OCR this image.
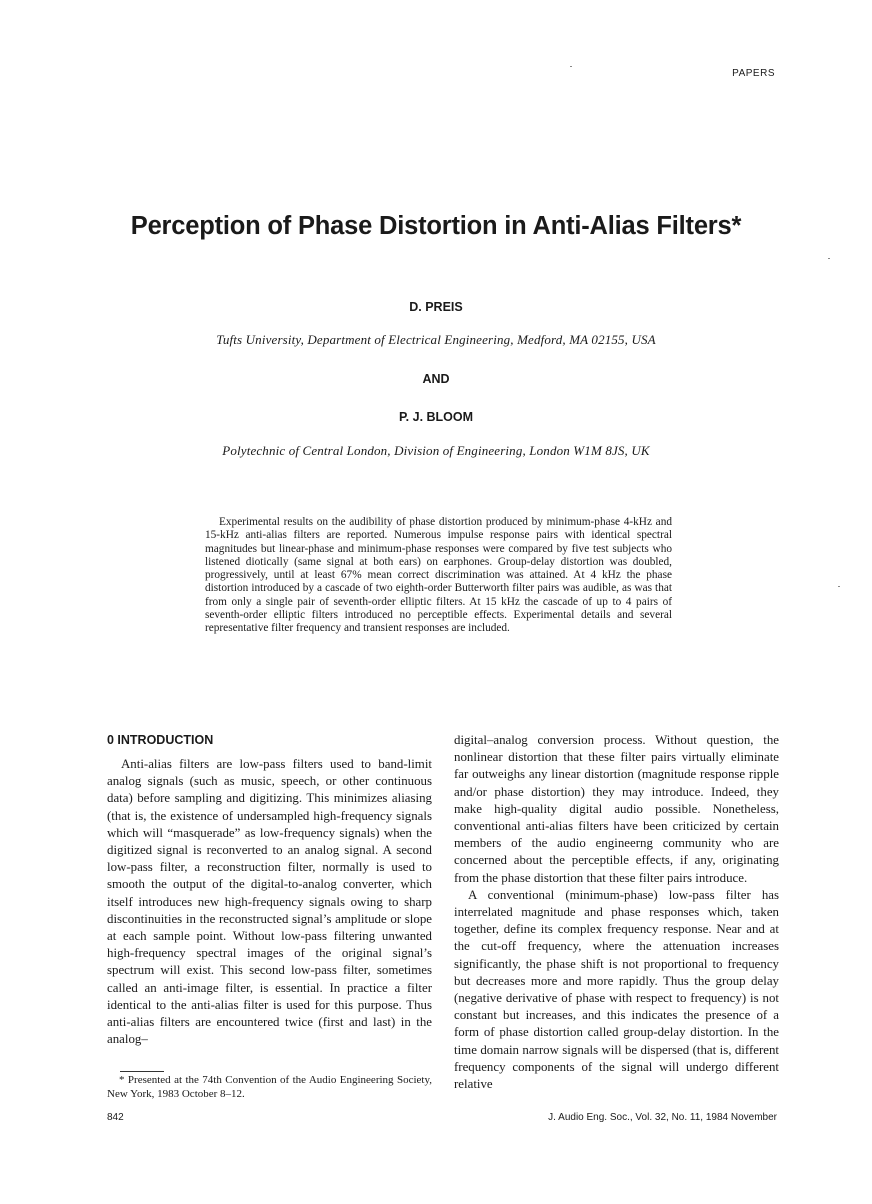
PAPERS
Perception of Phase Distortion in Anti-Alias Filters*
D. PREIS
Tufts University, Department of Electrical Engineering, Medford, MA 02155, USA
AND
P. J. BLOOM
Polytechnic of Central London, Division of Engineering, London W1M 8JS, UK

Experimental results on the audibility of phase distortion produced by minimum-phase 4-kHz and 15-kHz anti-alias filters are reported. Numerous impulse response pairs with identical spectral magnitudes but linear-phase and minimum-phase responses were compared by five test subjects who listened diotically (same signal at both ears) on earphones. Group-delay distortion was doubled, progressively, until at least 67% mean correct discrimination was attained. At 4 kHz the phase distortion introduced by a cascade of two eighth-order Butterworth filter pairs was audible, as was that from only a single pair of seventh-order elliptic filters. At 15 kHz the cascade of up to 4 pairs of seventh-order elliptic filters introduced no perceptible effects. Experimental details and several representative filter frequency and transient responses are included.

0 INTRODUCTION

Anti-alias filters are low-pass filters used to band-limit analog signals (such as music, speech, or other continuous data) before sampling and digitizing. This minimizes aliasing (that is, the existence of undersampled high-frequency signals which will “masquerade” as low-frequency signals) when the digitized signal is reconverted to an analog signal. A second low-pass filter, a reconstruction filter, normally is used to smooth the output of the digital-to-analog converter, which itself introduces new high-frequency signals owing to sharp discontinuities in the reconstructed signal’s amplitude or slope at each sample point. Without low-pass filtering unwanted high-frequency spectral images of the original signal’s spectrum will exist. This second low-pass filter, sometimes called an anti-image filter, is essential. In practice a filter identical to the anti-alias filter is used for this purpose. Thus anti-alias filters are encountered twice (first and last) in the analog–

* Presented at the 74th Convention of the Audio Engineering Society, New York, 1983 October 8–12.

digital–analog conversion process. Without question, the nonlinear distortion that these filter pairs virtually eliminate far outweighs any linear distortion (magnitude response ripple and/or phase distortion) they may introduce. Indeed, they make high-quality digital audio possible. Nonetheless, conventional anti-alias filters have been criticized by certain members of the audio engineerng community who are concerned about the perceptible effects, if any, originating from the phase distortion that these filter pairs introduce.

A conventional (minimum-phase) low-pass filter has interrelated magnitude and phase responses which, taken together, define its complex frequency response. Near and at the cut-off frequency, where the attenuation increases significantly, the phase shift is not proportional to frequency but decreases more and more rapidly. Thus the group delay (negative derivative of phase with respect to frequency) is not constant but increases, and this indicates the presence of a form of phase distortion called group-delay distortion. In the time domain narrow signals will be dispersed (that is, different frequency components of the signal will undergo different relative

842	J. Audio Eng. Soc., Vol. 32, No. 11, 1984 November
